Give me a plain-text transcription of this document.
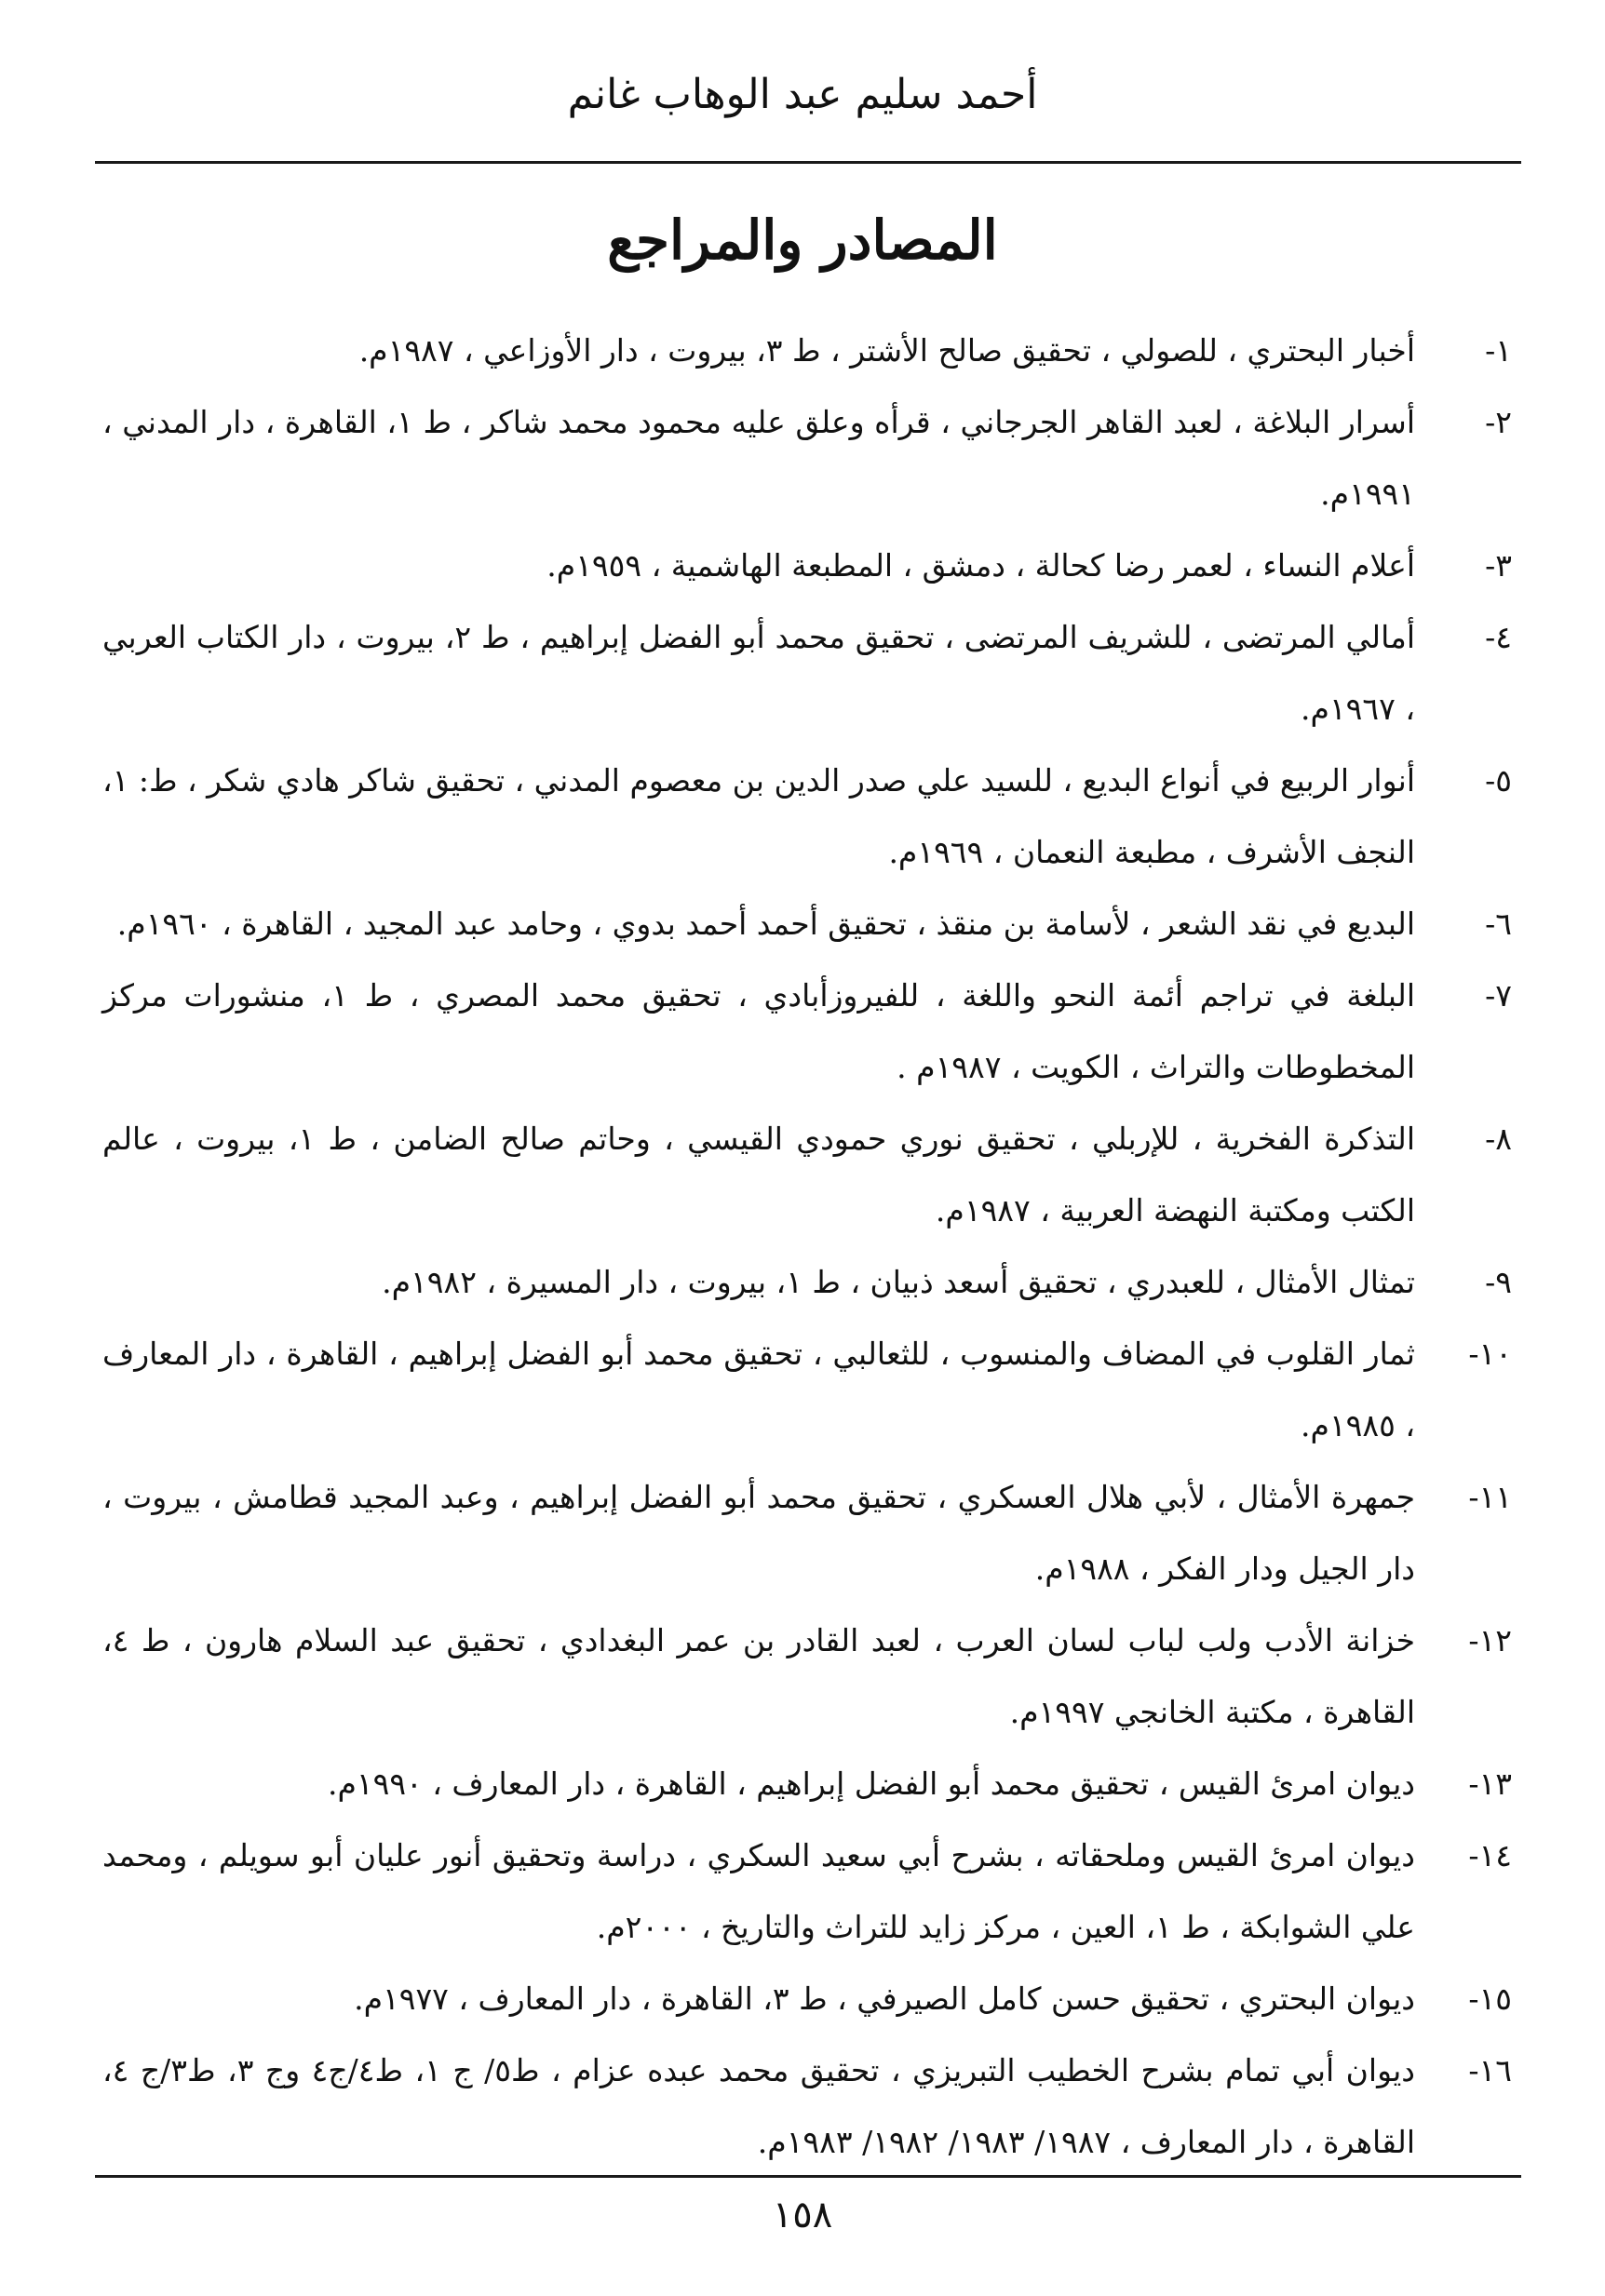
أحمد سليم عبد الوهاب غانم
المصادر والمراجع
١-
أخبار البحتري ، للصولي ، تحقيق صالح الأشتر ، ط ٣، بيروت ، دار الأوزاعي ، ١٩٨٧م.
٢-
أسرار البلاغة ، لعبد القاهر الجرجاني ، قرأه وعلق عليه محمود محمد شاكر ، ط ١، القاهرة ، دار المدني ، ١٩٩١م.
٣-
أعلام النساء ، لعمر رضا كحالة ، دمشق ، المطبعة الهاشمية ، ١٩٥٩م.
٤-
أمالي المرتضى ، للشريف المرتضى ، تحقيق محمد أبو الفضل إبراهيم ، ط ٢، بيروت ، دار الكتاب العربي ، ١٩٦٧م.
٥-
أنوار الربيع في أنواع البديع ، للسيد علي صدر الدين بن معصوم المدني ، تحقيق شاكر هادي شكر ، ط: ١، النجف الأشرف ، مطبعة النعمان ، ١٩٦٩م.
٦-
البديع في نقد الشعر ، لأسامة بن منقذ ، تحقيق أحمد أحمد بدوي ، وحامد عبد المجيد ، القاهرة ، ١٩٦٠م.
٧-
البلغة في تراجم أئمة النحو واللغة ، للفيروزأبادي ، تحقيق محمد المصري ، ط ١، منشورات مركز المخطوطات والتراث ، الكويت ، ١٩٨٧م .
٨-
التذكرة الفخرية ، للإربلي ، تحقيق نوري حمودي القيسي ، وحاتم صالح الضامن ، ط ١، بيروت ، عالم الكتب ومكتبة النهضة العربية ، ١٩٨٧م.
٩-
تمثال الأمثال ، للعبدري ، تحقيق أسعد ذبيان ، ط ١، بيروت ، دار المسيرة ، ١٩٨٢م.
١٠-
ثمار القلوب في المضاف والمنسوب ، للثعالبي ، تحقيق محمد أبو الفضل إبراهيم ، القاهرة ، دار المعارف ، ١٩٨٥م.
١١-
جمهرة الأمثال ، لأبي هلال العسكري ، تحقيق محمد أبو الفضل إبراهيم ، وعبد المجيد قطامش ، بيروت ، دار الجيل ودار الفكر ، ١٩٨٨م.
١٢-
خزانة الأدب ولب لباب لسان العرب ، لعبد القادر بن عمر البغدادي ، تحقيق عبد السلام هارون ، ط ٤، القاهرة ، مكتبة الخانجي ١٩٩٧م.
١٣-
ديوان امرئ القيس ، تحقيق محمد أبو الفضل إبراهيم ، القاهرة ، دار المعارف ، ١٩٩٠م.
١٤-
ديوان امرئ القيس وملحقاته ، بشرح أبي سعيد السكري ، دراسة وتحقيق أنور عليان أبو سويلم ، ومحمد علي الشوابكة ، ط ١، العين ، مركز زايد للتراث والتاريخ ، ٢٠٠٠م.
١٥-
ديوان البحتري ، تحقيق حسن كامل الصيرفي ، ط ٣، القاهرة ، دار المعارف ، ١٩٧٧م.
١٦-
ديوان أبي تمام بشرح الخطيب التبريزي ، تحقيق محمد عبده عزام ، ط٥/ ج ١، ط٤/ج٤ وج ٣، ط٣/ج ٤، القاهرة ، دار المعارف ، ١٩٨٧/ ١٩٨٣/ ١٩٨٢/ ١٩٨٣م.
١٥٨
